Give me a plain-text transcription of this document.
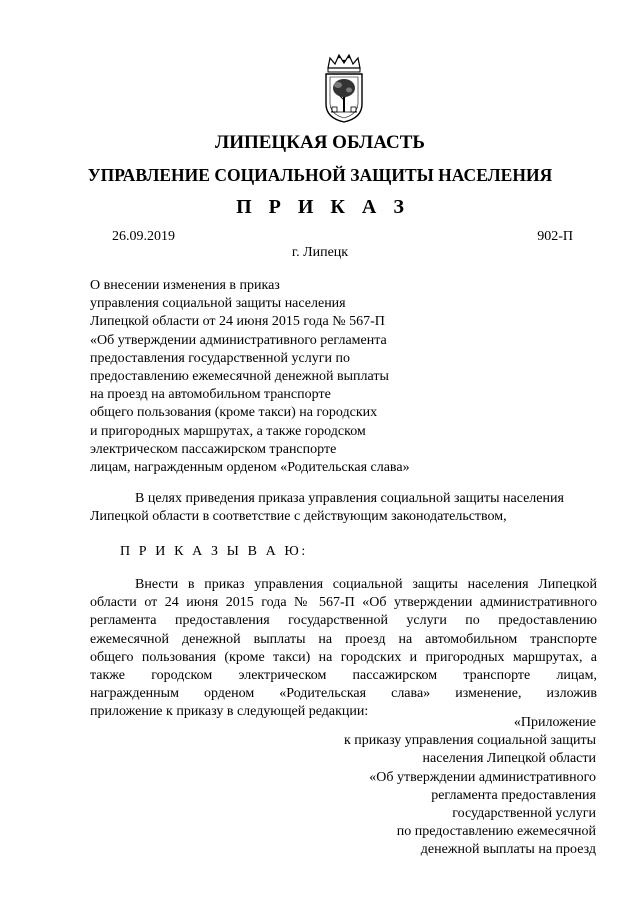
ЛИПЕЦКАЯ ОБЛАСТЬ
УПРАВЛЕНИЕ СОЦИАЛЬНОЙ ЗАЩИТЫ НАСЕЛЕНИЯ
П Р И К А З
26.09.2019	902-П
г. Липецк
О внесении изменения в приказ
управления социальной защиты населения
Липецкой области от 24 июня 2015 года № 567-П
«Об утверждении административного регламента
предоставления государственной услуги по
предоставлению ежемесячной денежной выплаты
на проезд на автомобильном транспорте
общего пользования (кроме такси) на городских
и пригородных маршрутах, а также городском
электрическом пассажирском транспорте
лицам, награжденным орденом «Родительская слава»
В целях приведения приказа управления социальной защиты населения
Липецкой области в соответствие с действующим законодательством,
П Р И К А З Ы В А Ю:
Внести в приказ управления социальной защиты населения Липецкой
области от 24 июня 2015 года № 567-П «Об утверждении административного
регламента предоставления государственной услуги по предоставлению
ежемесячной денежной выплаты на проезд на автомобильном транспорте
общего пользования (кроме такси) на городских и пригородных маршрутах, а
также городском электрическом пассажирском транспорте лицам,
награжденным орденом «Родительская слава» изменение, изложив
приложение к приказу в следующей редакции:
«Приложение
к приказу управления социальной защиты
населения Липецкой области
«Об утверждении административного
регламента предоставления
государственной услуги
по предоставлению ежемесячной
денежной выплаты на проезд
